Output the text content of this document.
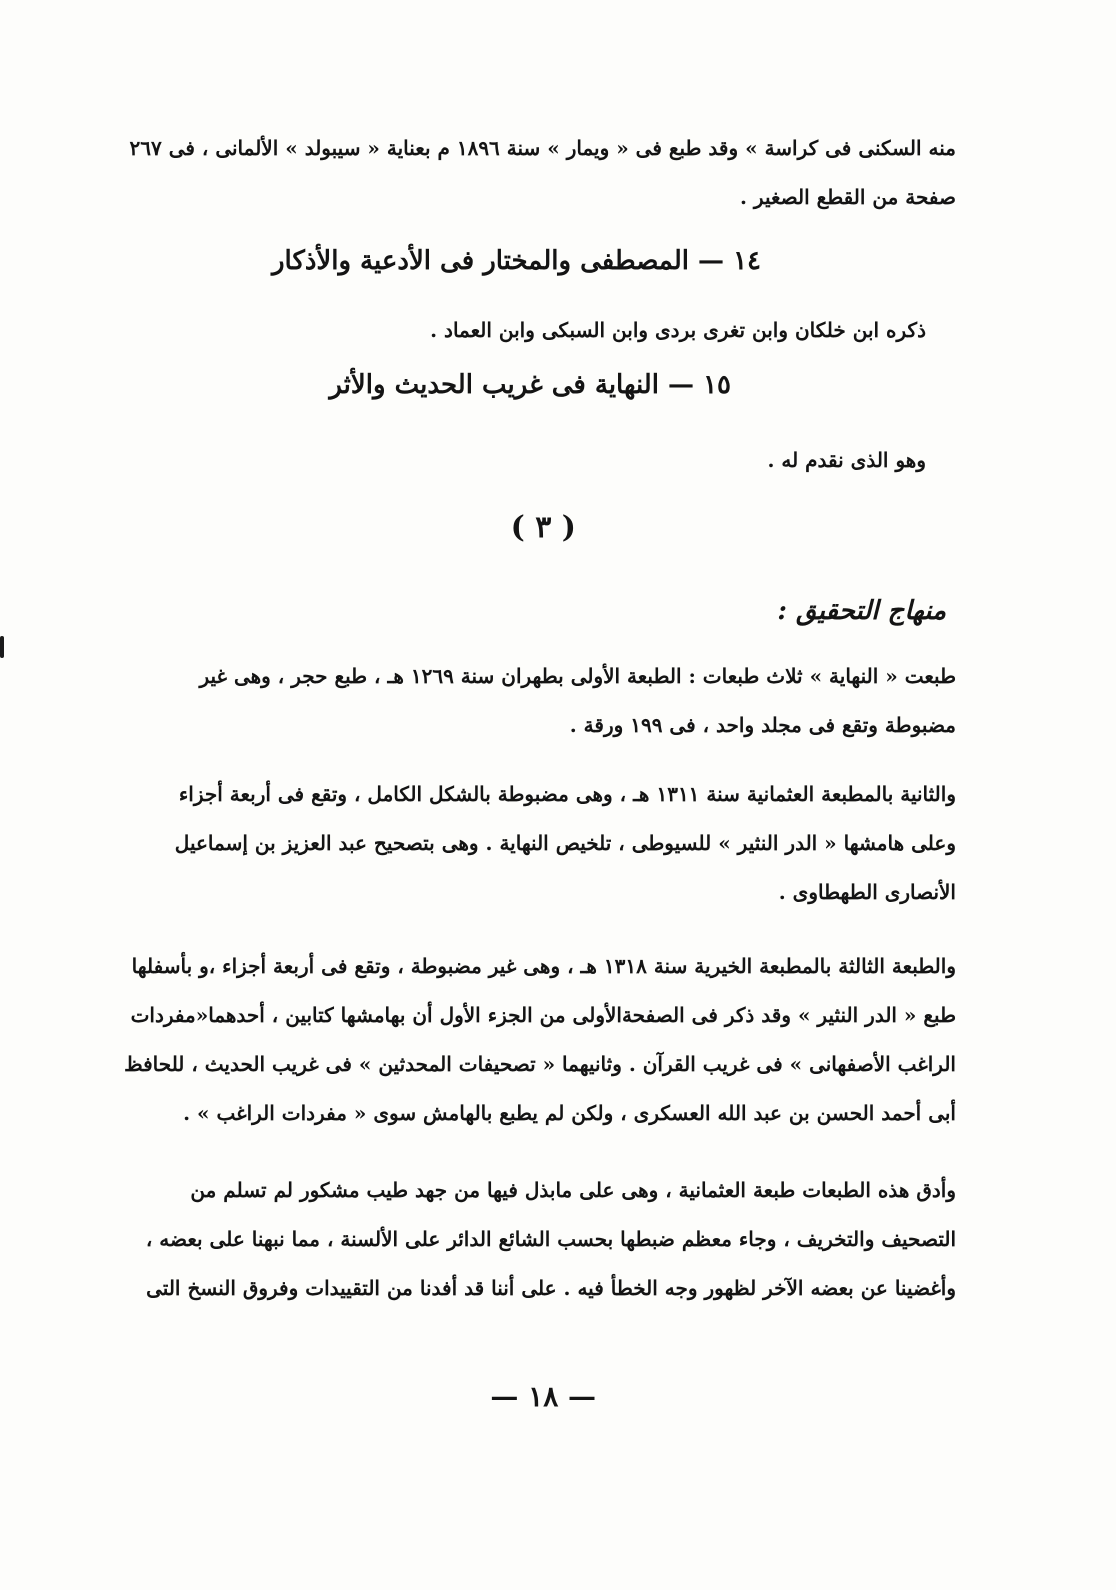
منه السكنى فى كراسة » وقد طبع فى « ويمار » سنة ١٨٩٦ م بعناية « سيبولد » الألمانى ، فى ٢٦٧
صفحة من القطع الصغير .
١٤ — المصطفى والمختار فى الأدعية والأذكار
ذكره ابن خلكان وابن تغرى بردى وابن السبكى وابن العماد .
١٥ — النهاية فى غريب الحديث والأثر
وهو الذى نقدم له .
( ٣ )
منهاج التحقيق :
طبعت « النهاية » ثلاث طبعات : الطبعة الأولى بطهران سنة ١٢٦٩ هـ ، طبع حجر ، وهى غير
مضبوطة وتقع فى مجلد واحد ، فى ١٩٩ ورقة .
والثانية بالمطبعة العثمانية سنة ١٣١١ هـ ، وهى مضبوطة بالشكل الكامل ، وتقع فى أربعة أجزاء
وعلى هامشها « الدر النثير » للسيوطى ، تلخيص النهاية . وهى بتصحيح عبد العزيز بن إسماعيل
الأنصارى الطهطاوى .
والطبعة الثالثة بالمطبعة الخيرية سنة ١٣١٨ هـ ، وهى غير مضبوطة ، وتقع فى أربعة أجزاء ،و بأسفلها
طبع « الدر النثير » وقد ذكر فى الصفحةالأولى من الجزء الأول أن بهامشها كتابين ، أحدهما«مفردات
الراغب الأصفهانى » فى غريب القرآن . وثانيهما « تصحيفات المحدثين » فى غريب الحديث ، للحافظ
أبى أحمد الحسن بن عبد الله العسكرى ، ولكن لم يطبع بالهامش سوى « مفردات الراغب » .
وأدق هذه الطبعات طبعة العثمانية ، وهى على مابذل فيها من جهد طيب مشكور لم تسلم من
التصحيف والتخريف ، وجاء معظم ضبطها بحسب الشائع الدائر على الألسنة ، مما نبهنا على بعضه ،
وأغضينا عن بعضه الآخر لظهور وجه الخطأ فيه . على أننا قد أفدنا من التقييدات وفروق النسخ التى
— ١٨ —
